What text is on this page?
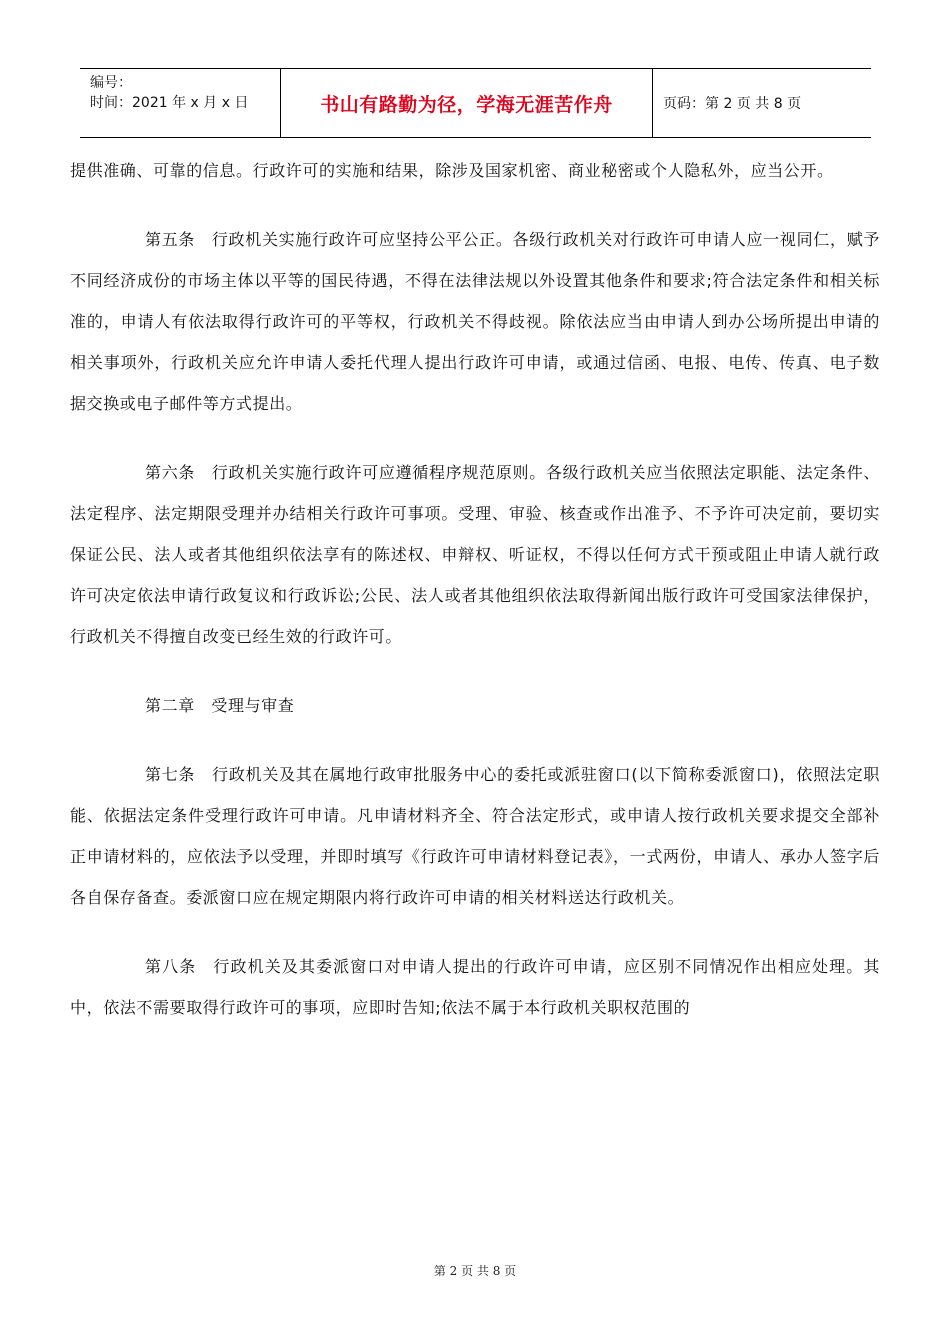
编号：
时间：2021 年 x 月 x 日	书山有路勤为径，学海无涯苦作舟	页码：第 2 页 共 8 页

提供准确、可靠的信息。行政许可的实施和结果，除涉及国家机密、商业秘密或个人隐私外，应当公开。

第五条　行政机关实施行政许可应坚持公平公正。各级行政机关对行政许可申请人应一视同仁，赋予不同经济成份的市场主体以平等的国民待遇，不得在法律法规以外设置其他条件和要求;符合法定条件和相关标准的，申请人有依法取得行政许可的平等权，行政机关不得歧视。除依法应当由申请人到办公场所提出申请的相关事项外，行政机关应允许申请人委托代理人提出行政许可申请，或通过信函、电报、电传、传真、电子数据交换或电子邮件等方式提出。

第六条　行政机关实施行政许可应遵循程序规范原则。各级行政机关应当依照法定职能、法定条件、法定程序、法定期限受理并办结相关行政许可事项。受理、审验、核查或作出准予、不予许可决定前，要切实保证公民、法人或者其他组织依法享有的陈述权、申辩权、听证权，不得以任何方式干预或阻止申请人就行政许可决定依法申请行政复议和行政诉讼;公民、法人或者其他组织依法取得新闻出版行政许可受国家法律保护，行政机关不得擅自改变已经生效的行政许可。

第二章　受理与审查

第七条　行政机关及其在属地行政审批服务中心的委托或派驻窗口(以下简称委派窗口)，依照法定职能、依据法定条件受理行政许可申请。凡申请材料齐全、符合法定形式，或申请人按行政机关要求提交全部补正申请材料的，应依法予以受理，并即时填写《行政许可申请材料登记表》，一式两份，申请人、承办人签字后各自保存备查。委派窗口应在规定期限内将行政许可申请的相关材料送达行政机关。

第八条　行政机关及其委派窗口对申请人提出的行政许可申请，应区别不同情况作出相应处理。其中，依法不需要取得行政许可的事项，应即时告知;依法不属于本行政机关职权范围的

第 2 页 共 8 页
